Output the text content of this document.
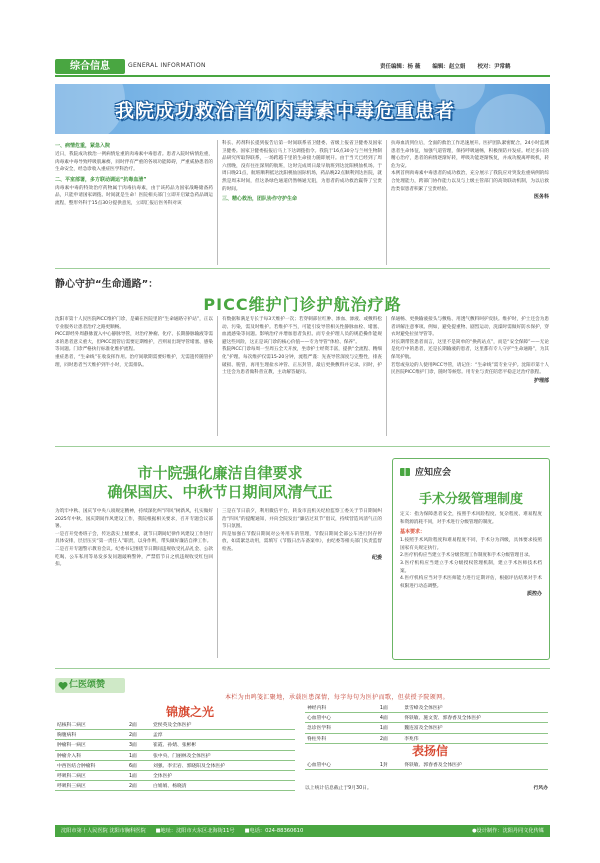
综合信息	GENERAL INFORMATION	责任编辑：杨 薇 编辑：赵立娟 校对：尹常鹤
我院成功救治首例肉毒素中毒危重患者
一、病情危重，紧急入院

近日，我院成功救治一例病情危重的肉毒素中毒患者。患者入院时病情危重，肉毒素中毒导致呼吸肌麻痹，同时伴有严重的各项功能障碍，严重威胁患者的生命安全，经急诊收入重症医学科治疗。

二、平室部署，多方联动调运“抗毒血清”

肉毒素中毒的特效治疗药物属于肉毒抗毒素，由于该药品为国家战略储备药品，只能申请国家调拨。时间就是生命！医院相关部门立即开启紧急药品调运流程，整形外科于15点30分提供意见，立即汇报后医务科对该

科长、药剂科长提到报告后第一时间联系省卫健委、省级上报省卫健委及国家卫健委。国家卫健委报报后马上下达调拨指令。我院于16点30分与兰州生物制品研究所取得联系，一场跨越千里的生命接力随即展开。由于当天已经到了周六傍晚，没有往往深刻的航班，这时完成周日最早航班到达沈阳桃仙机场。于周日晚21点，航班顺利抵达沈阳桃仙国际机场，药品晚22点顺利到达医院，就然是周末时间，但这条绿色通道仍然畅通无阻，为患者的成功救治赢得了宝贵的时间。

三、精心救治，团队协作守护生命

抗毒血清到位后，全面的救治工作迅速展开。医护团队紧密配合，24小时监测患者生命体征，加强气道管理，保持呼吸通畅，积极预防并发症。经过多日的精心治疗，患者的病情逐渐好转，呼吸功能逐渐恢复，并成功脱离呼吸机，转危为安。

本例首例肉毒素中毒患者的成功救治，充分展示了我院应对突发危重病例的综合处理能力，跨部门协作能力以及与上级主管部门的高效联动机制，为以后救治类似患者积累了宝贵经验。

医务科
静心守护“生命通路”：
PICC维护门诊护航治疗路

沈阳市第十人民医院PICC维护门诊，是确在医院里的“生命通路守护站”，正以专业服务让患者治疗之路更顺畅。

PICC即经外周静脉置入中心静脉导管，对治疗肿瘤、化疗、长期静脉输液等需求的患者意义重大，但PICC置管后需要定期维护，否则易出现导管堵塞、感染等问题。门诊严格执行标准化维护流程。

重症患者，“生命线”在收发挥作用。治疗间歇期需要好维护，无需遗传随管护理，同时患者当天维护到半小时，无需排队。

有数据和满足专长于每3天维护一次；若穿刺部位红肿、渗血、渗液、或敷料松动、污染，需及时维护。若维护不当，可能引发导管相关性静脉血栓、堵塞、血流感染等问题。影响治疗并增加患者负担。而专业护理人员的规范操作能规避这些风险，这正是该门诊的核心价值——专为导管“体检、保养”。

我院PICC门诊每周一至周五全天开放，坐诊护士经资丰富，提供“全流程、精细化”护理。每次维护仅需15-20分钟，流程严谨：先查导管深度与完整性，排查破损、脱管，再用生理盐水冲管、正压封管，最后更换敷料并记录。同时，护士还会为患者做科普宣教，主动解答疑问。

保通畅、更换输液接头与敷贴、用透气敷料呵护皮肤。维护时，护士还会为患者讲解注意事项。例如，避免提重物、剧烈运动，洗澡时需做好防水保护，穿衣时避免拉扯导管等。

对长期带管患者而言，这里不是简单的“换药站点”，而是“安全保障”——无论是化疗中的患者，还是长期输液的患者，这里都有专人守护“生命通路”，为其保驾护航。

若您或身边的人使用PICC导管，请记住：“生命线”需专业守护。沈阳市第十人民医院PICC维护门诊，随时等候您。用专业与责任陪您平稳走过治疗旅程。

护理部
市十院强化廉洁自律要求
确保国庆、中秋节日期间风清气正

为筑牢中秋、国庆节中央八项规定精神，持续深化纠“四风”树新风，扎实做好2025年中秋、国庆期间作风建设工作，我院根据相关要求，召开专题会议部署。

一是召开党委班子会，传达落实上级要求，就节日期间纪律作风建设工作进行具体安排，层层压实“第一责任人”职责，以身作则，带头做好廉洁自律工作。

二是召开专题警示教育会议。纪委书记围绕节日期间违规收受礼品礼金、公款吃喝、公车私用等易发多发问题敲响警钟，严禁借节日之机违规收受红包回扣。

三是在节日前夕，利用微信平台，转发市直机关纪检监察工委关于节日期间纠治“四风”的提醒通知，并向全院发出“廉洁过双节”倡议，持续营造风清气正的节日氛围。

四是加强在节假日期间对公务用车的管理，节假日期间全部公车进行封存停放，如需紧急动用，需填写《节假日出车备案单》，由纪委等相关部门负责监督检查。

纪委
应知应会
手术分级管理制度

定义：指为保障患者安全，按照手术风险程度、复杂程度、难易程度和资源消耗不同，对手术进行分级管理的制度。

基本要求：

1.按照手术风险程度和难易程度不同，手术分为四级，具体要求按照国家有关规定执行。

2.医疗机构应当建立手术分级管理工作制度和手术分级管理目录。

3.医疗机构应当建立手术分级授权管理机制，建立手术医师技术档案。

4.医疗机构应当对手术医师能力进行定期评估，根据评估结果对手术权限进行动态调整。

质控办
仁医颂赞
本栏为由鸣笺汇聚地，承载医患深情，每字每句为医护而歌，但获授予院颁网。
锦旗之光
结核科二病区	2面	党侯英及全体医护
胸腹病科	2面	孟淳
肿瘤科一病区	3面	崔霞、孙婧、张彬彬
肿瘤介入科	1面	张中央、门丽林及全体医护
中西医结合肿瘤科	6面	刘强、李宏岩、郭晓阳及全体医护
呼吸科二病区	1面	全体医护
呼吸科三病区	2面	白娟娟、杨晓清
神经内科	1面	景雪峰及全体医护
心血管中心	4面	佟轶敏、施文贺、郭春香及全体医护
急诊医学科	1面	魏连富及全体医护
脊柱外科	2面	李兆伟
表扬信
心血管中心	1封	佟轶敏、郭春香及全体医护
以上统计信息截止于9月30日。	行风办
沈阳市第十人民医院 沈阳市胸科医院 ■地址：沈阳市大东区北海街11号 ■电话：024-88360610	●设计制作：沈阳丹同文化传媒
